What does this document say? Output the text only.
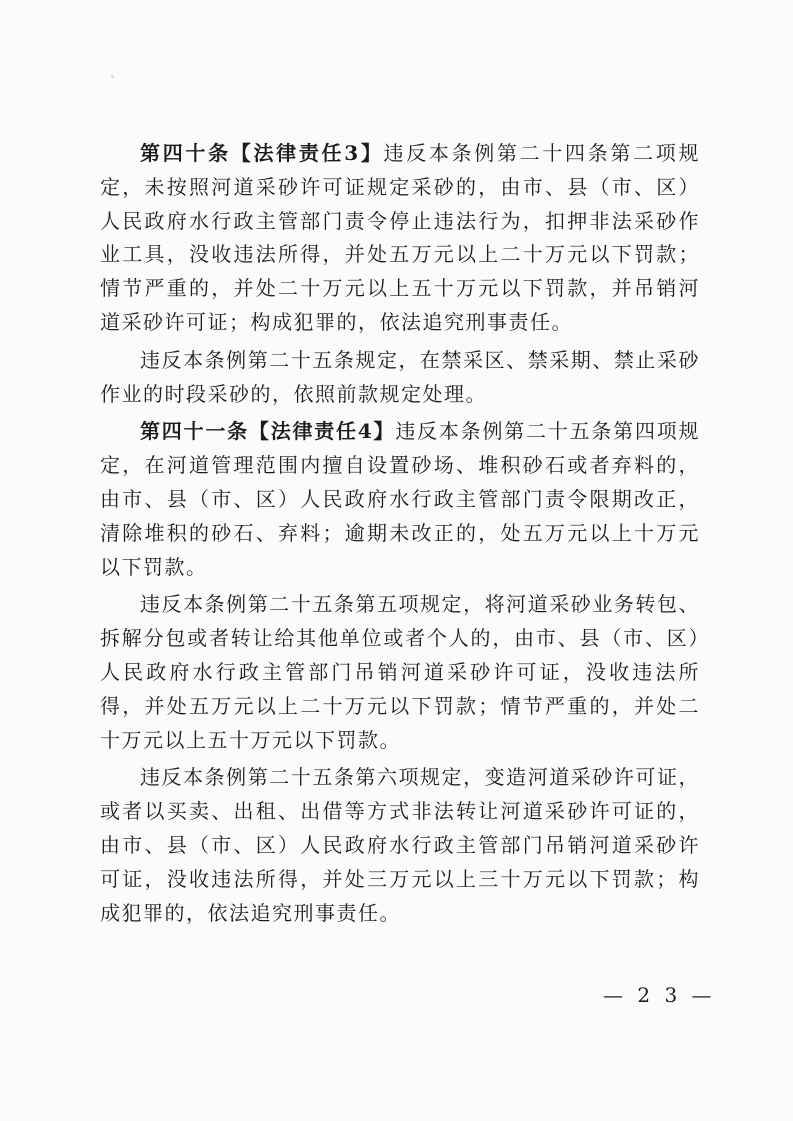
第四十条【法律责任3】违反本条例第二十四条第二项规定，未按照河道采砂许可证规定采砂的，由市、县（市、区）人民政府水行政主管部门责令停止违法行为，扣押非法采砂作业工具，没收违法所得，并处五万元以上二十万元以下罚款；情节严重的，并处二十万元以上五十万元以下罚款，并吊销河道采砂许可证；构成犯罪的，依法追究刑事责任。

违反本条例第二十五条规定，在禁采区、禁采期、禁止采砂作业的时段采砂的，依照前款规定处理。

第四十一条【法律责任4】违反本条例第二十五条第四项规定，在河道管理范围内擅自设置砂场、堆积砂石或者弃料的，由市、县（市、区）人民政府水行政主管部门责令限期改正，清除堆积的砂石、弃料；逾期未改正的，处五万元以上十万元以下罚款。

违反本条例第二十五条第五项规定，将河道采砂业务转包、拆解分包或者转让给其他单位或者个人的，由市、县（市、区）人民政府水行政主管部门吊销河道采砂许可证，没收违法所得，并处五万元以上二十万元以下罚款；情节严重的，并处二十万元以上五十万元以下罚款。

违反本条例第二十五条第六项规定，变造河道采砂许可证，或者以买卖、出租、出借等方式非法转让河道采砂许可证的，由市、县（市、区）人民政府水行政主管部门吊销河道采砂许可证，没收违法所得，并处三万元以上三十万元以下罚款；构成犯罪的，依法追究刑事责任。

— 2 3 —
